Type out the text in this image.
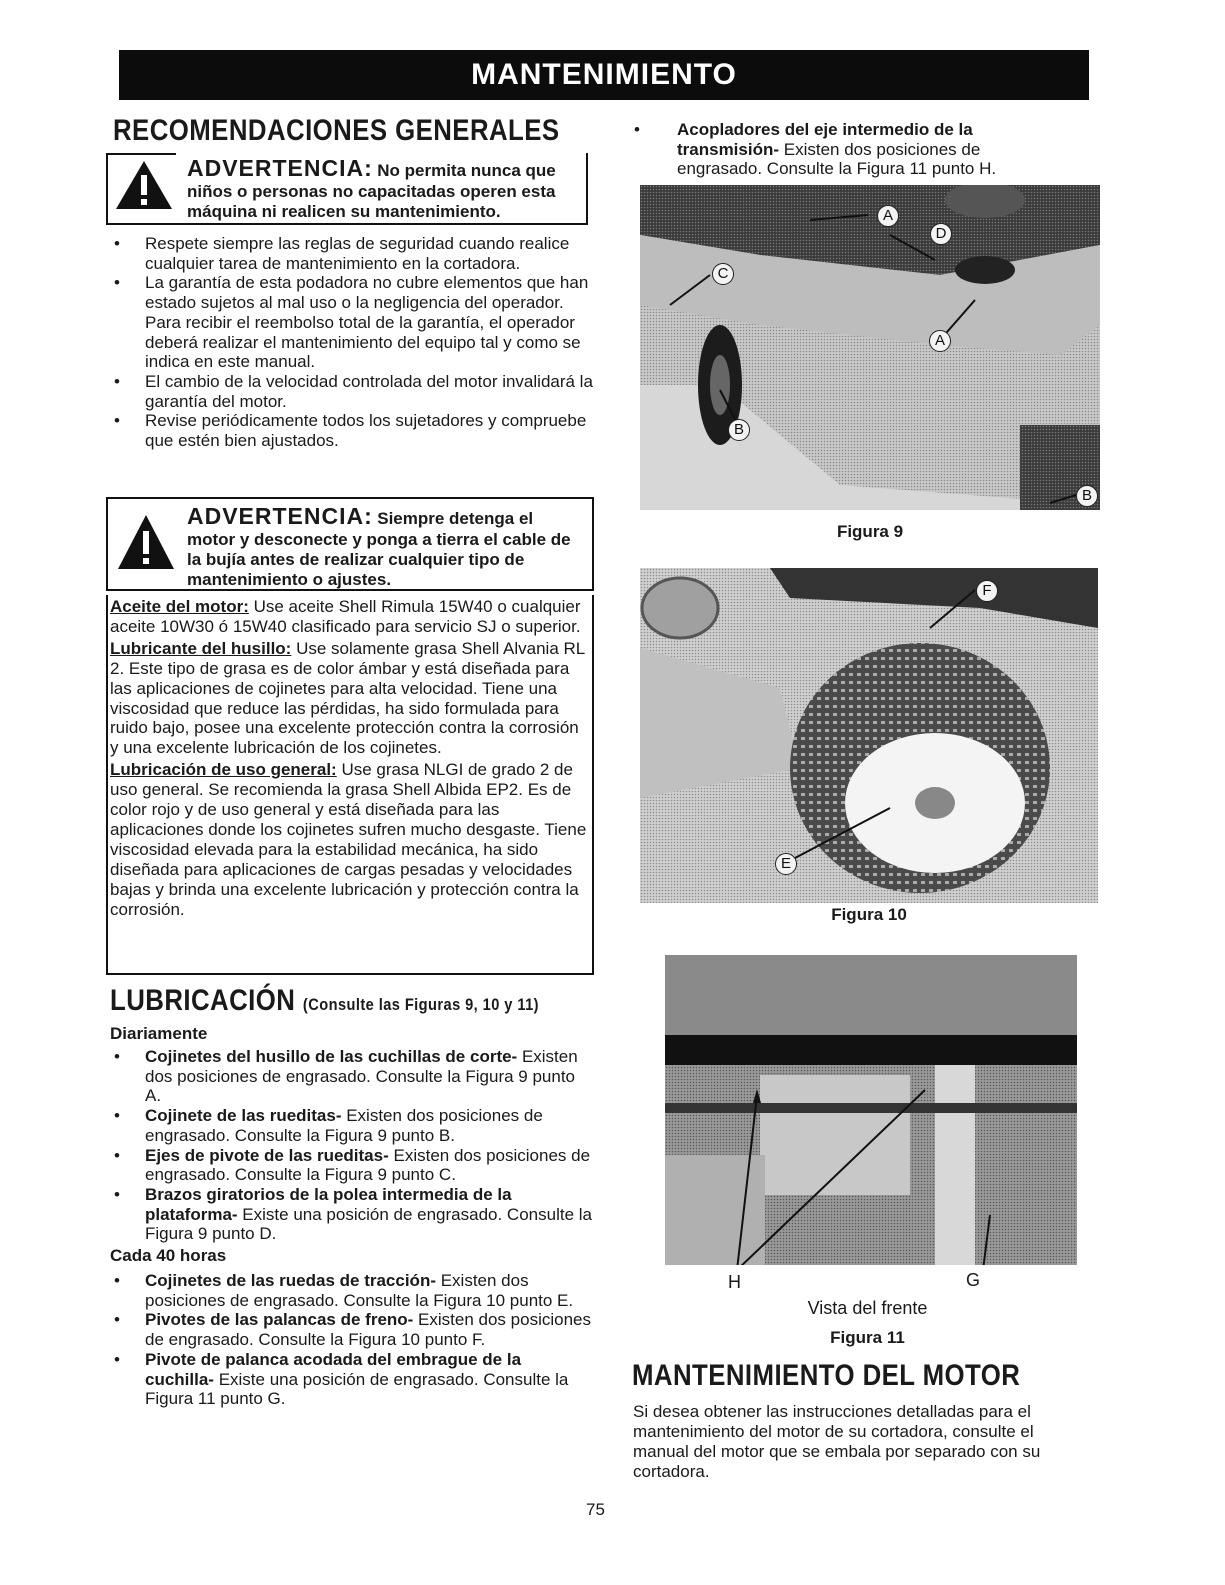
MANTENIMIENTO
RECOMENDACIONES GENERALES
ADVERTENCIA: No permita nunca que
niños o personas no capacitadas operen esta máquina ni realicen su mantenimiento.
• Respete siempre las reglas de seguridad cuando realice cualquier tarea de mantenimiento en la cortadora.
• La garantía de esta podadora no cubre elementos que han estado sujetos al mal uso o la negligencia del operador. Para recibir el reembolso total de la garantía, el operador deberá realizar el mantenimiento del equipo tal y como se indica en este manual.
• El cambio de la velocidad controlada del motor invalidará la garantía del motor.
• Revise periódicamente todos los sujetadores y compruebe que estén bien ajustados.
ADVERTENCIA: Siempre detenga el
motor y desconecte y ponga a tierra el cable de la bujía antes de realizar cualquier tipo de mantenimiento o ajustes.
Aceite del motor: Use aceite Shell Rimula 15W40 o cualquier aceite 10W30 ó 15W40 clasificado para servicio SJ o superior.
Lubricante del husillo: Use solamente grasa Shell Alvania RL 2. Este tipo de grasa es de color ámbar y está diseñada para las aplicaciones de cojinetes para alta velocidad. Tiene una viscosidad que reduce las pérdidas, ha sido formulada para ruido bajo, posee una excelente protección contra la corrosión y una excelente lubricación de los cojinetes.
Lubricación de uso general: Use grasa NLGI de grado 2 de uso general. Se recomienda la grasa Shell Albida EP2. Es de color rojo y de uso general y está diseñada para las aplicaciones donde los cojinetes sufren mucho desgaste. Tiene viscosidad elevada para la estabilidad mecánica, ha sido diseñada para aplicaciones de cargas pesadas y velocidades bajas y brinda una excelente lubricación y protección contra la corrosión.
LUBRICACIÓN (Consulte las Figuras 9, 10 y 11)
Diariamente
• Cojinetes del husillo de las cuchillas de corte- Existen dos posiciones de engrasado. Consulte la Figura 9 punto A.
• Cojinete de las rueditas- Existen dos posiciones de engrasado. Consulte la Figura 9 punto B.
• Ejes de pivote de las rueditas- Existen dos posiciones de engrasado. Consulte la Figura 9 punto C.
• Brazos giratorios de la polea intermedia de la plataforma- Existe una posición de engrasado. Consulte la Figura 9 punto D.
Cada 40 horas
• Cojinetes de las ruedas de tracción- Existen dos posiciones de engrasado. Consulte la Figura 10 punto E.
• Pivotes de las palancas de freno- Existen dos posiciones de engrasado. Consulte la Figura 10 punto F.
• Pivote de palanca acodada del embrague de la cuchilla- Existe una posición de engrasado. Consulte la Figura 11 punto G.
• Acopladores del eje intermedio de la transmisión- Existen dos posiciones de engrasado. Consulte la Figura 11 punto H.
A
D
C
A
B
B
Figura 9
F
E
Figura 10
H	G
Vista del frente
Figura 11
MANTENIMIENTO DEL MOTOR
Si desea obtener las instrucciones detalladas para el mantenimiento del motor de su cortadora, consulte el manual del motor que se embala por separado con su cortadora.
75
